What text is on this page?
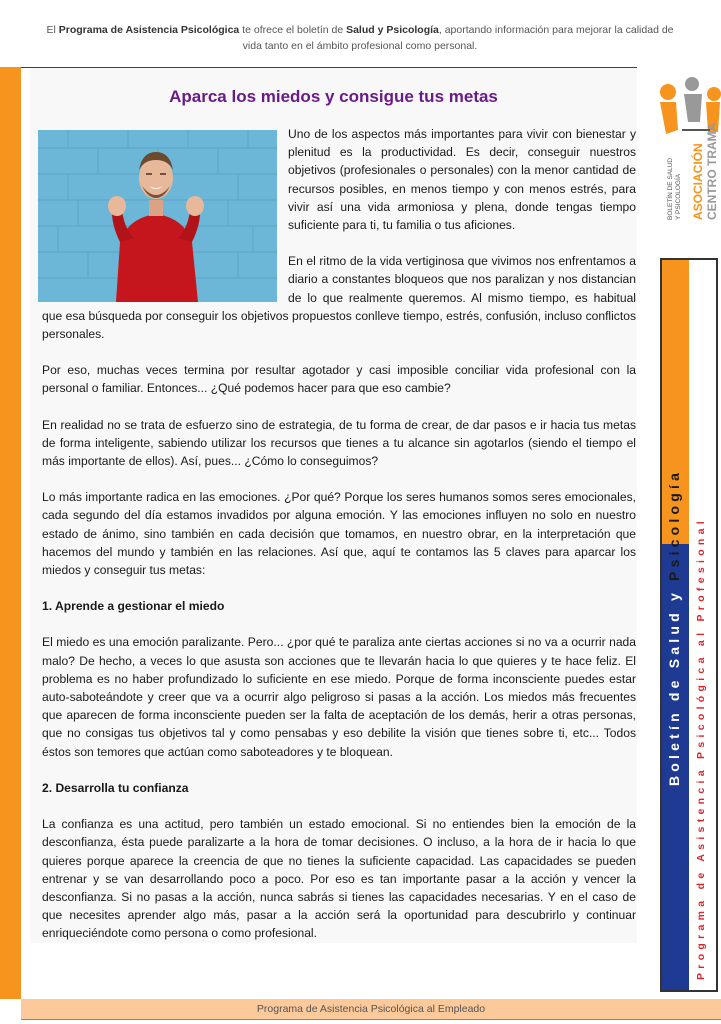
El Programa de Asistencia Psicológica te ofrece el boletín de Salud y Psicología, aportando información para mejorar la calidad de vida tanto en el ámbito profesional como personal.
Aparca los miedos y consigue tus metas

Uno de los aspectos más importantes para vivir con bienestar y plenitud es la productividad. Es decir, conseguir nuestros objetivos (profesionales o personales) con la menor cantidad de recursos posibles, en menos tiempo y con menos estrés, para vivir así una vida armoniosa y plena, donde tengas tiempo suficiente para ti, tu familia o tus aficiones.

En el ritmo de la vida vertiginosa que vivimos nos enfrentamos a diario a constantes bloqueos que nos paralizan y nos distancian de lo que realmente queremos. Al mismo tiempo, es habitual que esa búsqueda por conseguir los objetivos propuestos conlleve tiempo, estrés, confusión, incluso conflictos personales.

Por eso, muchas veces termina por resultar agotador y casi imposible conciliar vida profesional con la personal o familiar. Entonces... ¿Qué podemos hacer para que eso cambie?

En realidad no se trata de esfuerzo sino de estrategia, de tu forma de crear, de dar pasos e ir hacia tus metas de forma inteligente, sabiendo utilizar los recursos que tienes a tu alcance sin agotarlos (siendo el tiempo el más importante de ellos). Así, pues... ¿Cómo lo conseguimos?

Lo más importante radica en las emociones. ¿Por qué? Porque los seres humanos somos seres emocionales, cada segundo del día estamos invadidos por alguna emoción. Y las emociones influyen no solo en nuestro estado de ánimo, sino también en cada decisión que tomamos, en nuestro obrar, en la interpretación que hacemos del mundo y también en las relaciones. Así que, aquí te contamos las 5 claves para aparcar los miedos y conseguir tus metas:

1. Aprende a gestionar el miedo

El miedo es una emoción paralizante. Pero... ¿por qué te paraliza ante ciertas acciones si no va a ocurrir nada malo? De hecho, a veces lo que asusta son acciones que te llevarán hacia lo que quieres y te hace feliz. El problema es no haber profundizado lo suficiente en ese miedo. Porque de forma inconsciente puedes estar auto-saboteándote y creer que va a ocurrir algo peligroso si pasas a la acción. Los miedos más frecuentes que aparecen de forma inconsciente pueden ser la falta de aceptación de los demás, herir a otras personas, que no consigas tus objetivos tal y como pensabas y eso debilite la visión que tienes sobre ti, etc... Todos éstos son temores que actúan como saboteadores y te bloquean.

2. Desarrolla tu confianza

La confianza es una actitud, pero también un estado emocional. Si no entiendes bien la emoción de la desconfianza, ésta puede paralizarte a la hora de tomar decisiones. O incluso, a la hora de ir hacia lo que quieres porque aparece la creencia de que no tienes la suficiente capacidad. Las capacidades se pueden entrenar y se van desarrollando poco a poco. Por eso es tan importante pasar a la acción y vencer la desconfianza. Si no pasas a la acción, nunca sabrás si tienes las capacidades necesarias. Y en el caso de que necesites aprender algo más, pasar a la acción será la oportunidad para descubrirlo y continuar enriqueciéndote como persona o como profesional.

ASOCIACIÓN CENTRO TRAMA
BOLETÍN DE SALUD Y PSICOLOGÍA
Boletín de Salud y Psicología Programa de Asistencia Psicológica al Profesional
Programa de Asistencia Psicológica al Empleado
